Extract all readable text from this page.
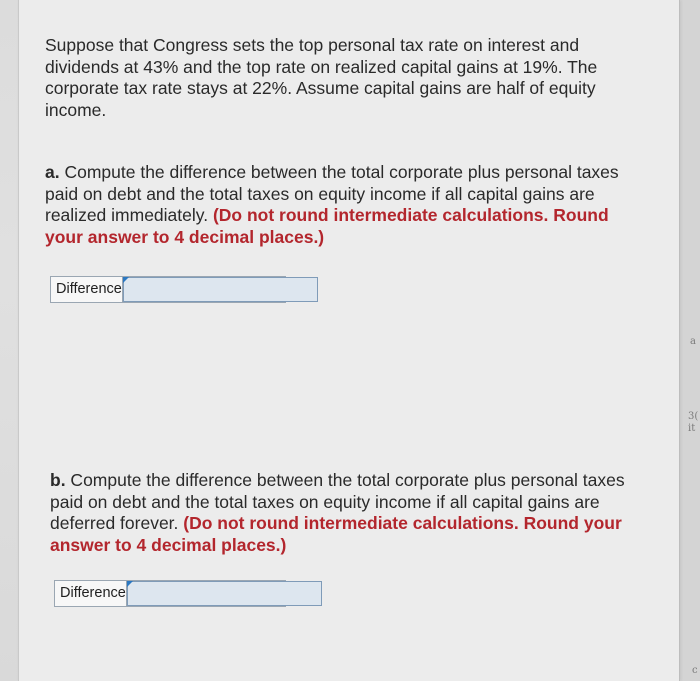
a
3(
it
c
Suppose that Congress sets the top personal tax rate on interest and dividends at 43% and the top rate on realized capital gains at 19%. The corporate tax rate stays at 22%. Assume capital gains are half of equity income.
a. Compute the difference between the total corporate plus personal taxes paid on debt and the total taxes on equity income if all capital gains are realized immediately. (Do not round intermediate calculations. Round your answer to 4 decimal places.)
Difference
b. Compute the difference between the total corporate plus personal taxes paid on debt and the total taxes on equity income if all capital gains are deferred forever. (Do not round intermediate calculations. Round your answer to 4 decimal places.)
Difference
